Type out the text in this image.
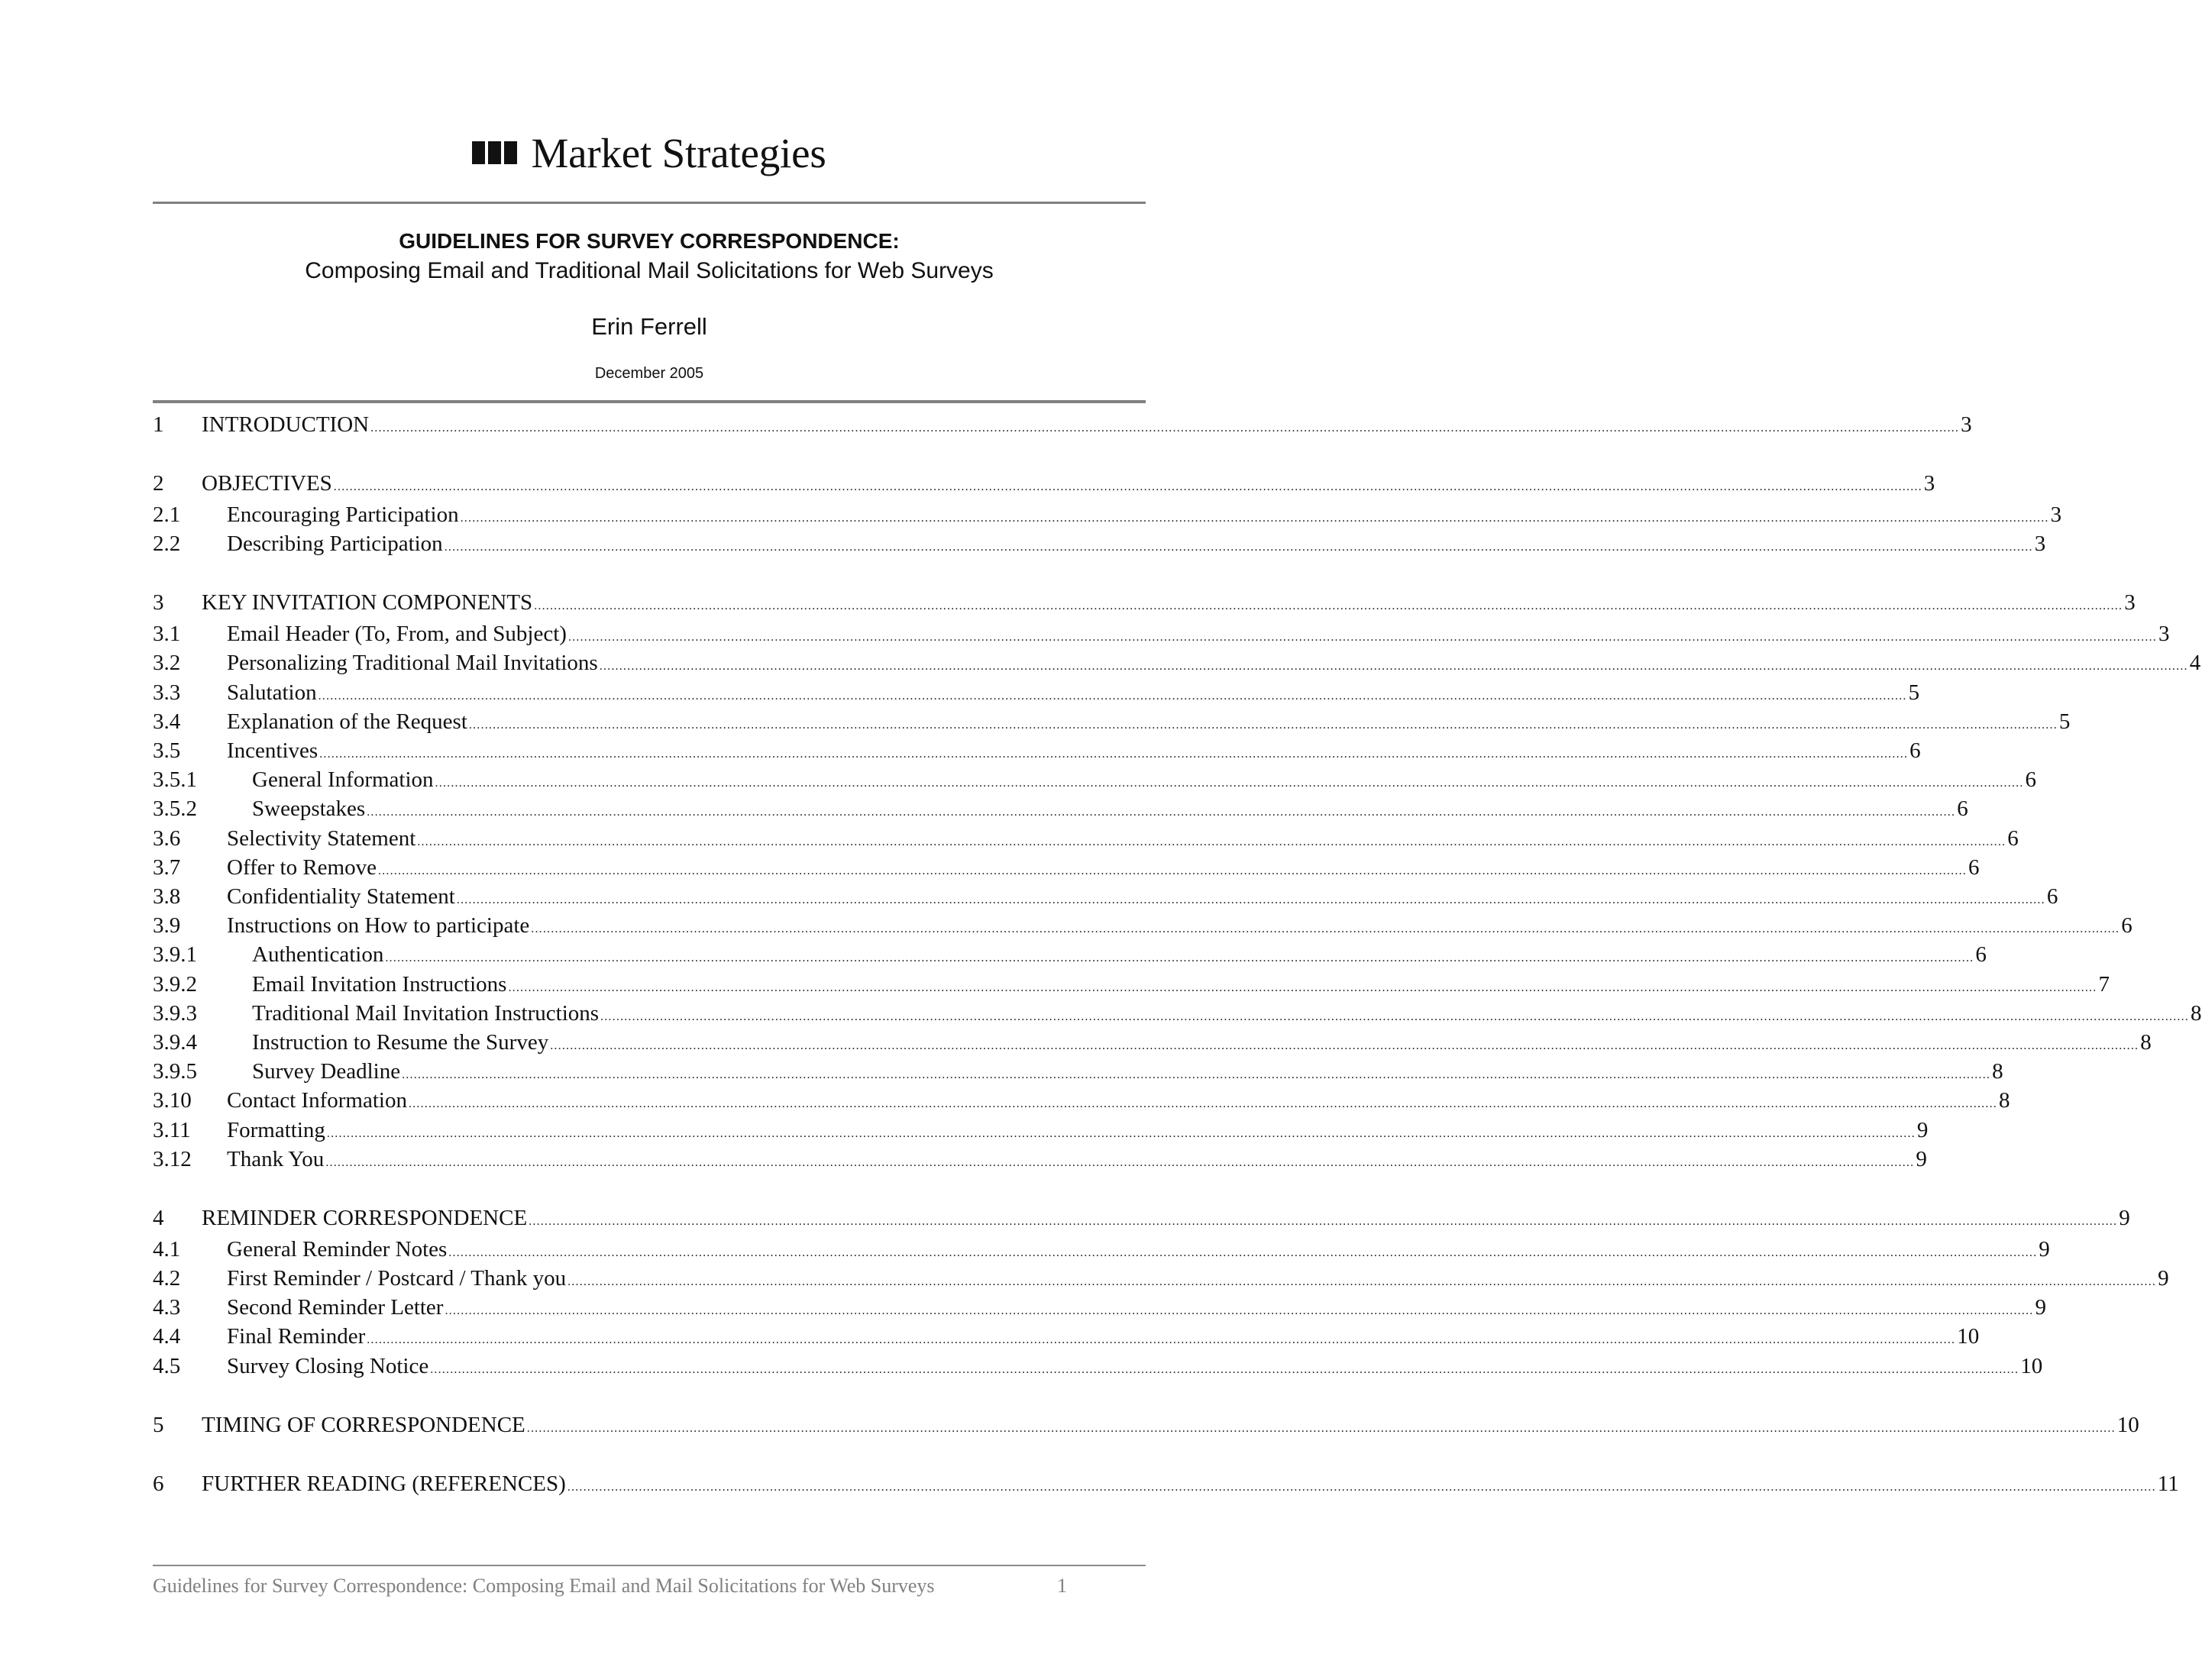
Market Strategies
GUIDELINES FOR SURVEY CORRESPONDENCE:
Composing Email and Traditional Mail Solicitations for Web Surveys
Erin Ferrell
December 2005
1	INTRODUCTION ................................................................................................................................................................................................................................................................................................................................................................................................................ 3
2	OBJECTIVES ................................................................................................................................................................................................................................................................................................................................................................................................................ 3
2.1	Encouraging Participation ................................................................................................................................................................................................................................................................................................................................................................................................................ 3
2.2	Describing Participation ................................................................................................................................................................................................................................................................................................................................................................................................................ 3
3	KEY INVITATION COMPONENTS ................................................................................................................................................................................................................................................................................................................................................................................................................ 3
3.1	Email Header (To, From, and Subject) ................................................................................................................................................................................................................................................................................................................................................................................................................ 3
3.2	Personalizing Traditional Mail Invitations ................................................................................................................................................................................................................................................................................................................................................................................................................ 4
3.3	Salutation ................................................................................................................................................................................................................................................................................................................................................................................................................ 5
3.4	Explanation of the Request ................................................................................................................................................................................................................................................................................................................................................................................................................ 5
3.5	Incentives ................................................................................................................................................................................................................................................................................................................................................................................................................ 6
3.5.1	General Information ................................................................................................................................................................................................................................................................................................................................................................................................................ 6
3.5.2	Sweepstakes ................................................................................................................................................................................................................................................................................................................................................................................................................ 6
3.6	Selectivity Statement ................................................................................................................................................................................................................................................................................................................................................................................................................ 6
3.7	Offer to Remove ................................................................................................................................................................................................................................................................................................................................................................................................................ 6
3.8	Confidentiality Statement ................................................................................................................................................................................................................................................................................................................................................................................................................ 6
3.9	Instructions on How to participate ................................................................................................................................................................................................................................................................................................................................................................................................................ 6
3.9.1	Authentication ................................................................................................................................................................................................................................................................................................................................................................................................................ 6
3.9.2	Email Invitation Instructions ................................................................................................................................................................................................................................................................................................................................................................................................................ 7
3.9.3	Traditional Mail Invitation Instructions ................................................................................................................................................................................................................................................................................................................................................................................................................ 8
3.9.4	Instruction to Resume the Survey ................................................................................................................................................................................................................................................................................................................................................................................................................ 8
3.9.5	Survey Deadline ................................................................................................................................................................................................................................................................................................................................................................................................................ 8
3.10	Contact Information ................................................................................................................................................................................................................................................................................................................................................................................................................ 8
3.11	Formatting ................................................................................................................................................................................................................................................................................................................................................................................................................ 9
3.12	Thank You ................................................................................................................................................................................................................................................................................................................................................................................................................ 9
4	REMINDER CORRESPONDENCE ................................................................................................................................................................................................................................................................................................................................................................................................................ 9
4.1	General Reminder Notes ................................................................................................................................................................................................................................................................................................................................................................................................................ 9
4.2	First Reminder / Postcard / Thank you ................................................................................................................................................................................................................................................................................................................................................................................................................ 9
4.3	Second Reminder Letter ................................................................................................................................................................................................................................................................................................................................................................................................................ 9
4.4	Final Reminder ................................................................................................................................................................................................................................................................................................................................................................................................................ 10
4.5	Survey Closing Notice ................................................................................................................................................................................................................................................................................................................................................................................................................ 10
5	TIMING OF CORRESPONDENCE ................................................................................................................................................................................................................................................................................................................................................................................................................ 10
6	FURTHER READING (REFERENCES) ................................................................................................................................................................................................................................................................................................................................................................................................................ 11
Guidelines for Survey Correspondence: Composing Email and Mail Solicitations for Web Surveys	1
